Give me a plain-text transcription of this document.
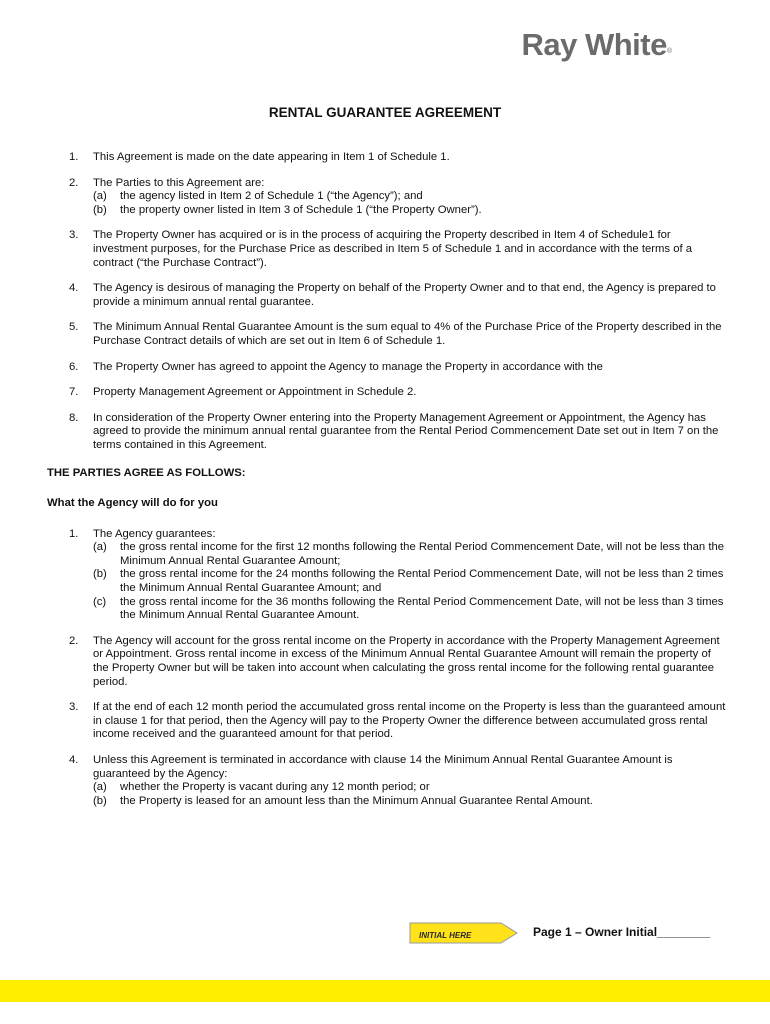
Ray White®
RENTAL GUARANTEE AGREEMENT
1. This Agreement is made on the date appearing in Item 1 of Schedule 1.
2. The Parties to this Agreement are:
(a) the agency listed in Item 2 of Schedule 1 (“the Agency”); and
(b) the property owner listed in Item 3 of Schedule 1 (“the Property Owner”).
3. The Property Owner has acquired or is in the process of acquiring the Property described in Item 4 of Schedule1 for investment purposes, for the Purchase Price as described in Item 5 of Schedule 1 and in accordance with the terms of a contract (“the Purchase Contract”).
4. The Agency is desirous of managing the Property on behalf of the Property Owner and to that end, the Agency is prepared to provide a minimum annual rental guarantee.
5. The Minimum Annual Rental Guarantee Amount is the sum equal to 4% of the Purchase Price of the Property described in the Purchase Contract details of which are set out in Item 6 of Schedule 1.
6. The Property Owner has agreed to appoint the Agency to manage the Property in accordance with the
7. Property Management Agreement or Appointment in Schedule 2.
8. In consideration of the Property Owner entering into the Property Management Agreement or Appointment, the Agency has agreed to provide the minimum annual rental guarantee from the Rental Period Commencement Date set out in Item 7 on the terms contained in this Agreement.
THE PARTIES AGREE AS FOLLOWS:
What the Agency will do for you
1. The Agency guarantees:
(a) the gross rental income for the first 12 months following the Rental Period Commencement Date, will not be less than the Minimum Annual Rental Guarantee Amount;
(b) the gross rental income for the 24 months following the Rental Period Commencement Date, will not be less than 2 times the Minimum Annual Rental Guarantee Amount; and
(c) the gross rental income for the 36 months following the Rental Period Commencement Date, will not be less than 3 times the Minimum Annual Rental Guarantee Amount.
2. The Agency will account for the gross rental income on the Property in accordance with the Property Management Agreement or Appointment. Gross rental income in excess of the Minimum Annual Rental Guarantee Amount will remain the property of the Property Owner but will be taken into account when calculating the gross rental income for the following rental guarantee period.
3. If at the end of each 12 month period the accumulated gross rental income on the Property is less than the guaranteed amount in clause 1 for that period, then the Agency will pay to the Property Owner the difference between accumulated gross rental income received and the guaranteed amount for that period.
4. Unless this Agreement is terminated in accordance with clause 14 the Minimum Annual Rental Guarantee Amount is guaranteed by the Agency:
(a) whether the Property is vacant during any 12 month period; or
(b) the Property is leased for an amount less than the Minimum Annual Guarantee Rental Amount.
INITIAL HERE	Page 1 – Owner Initial________
